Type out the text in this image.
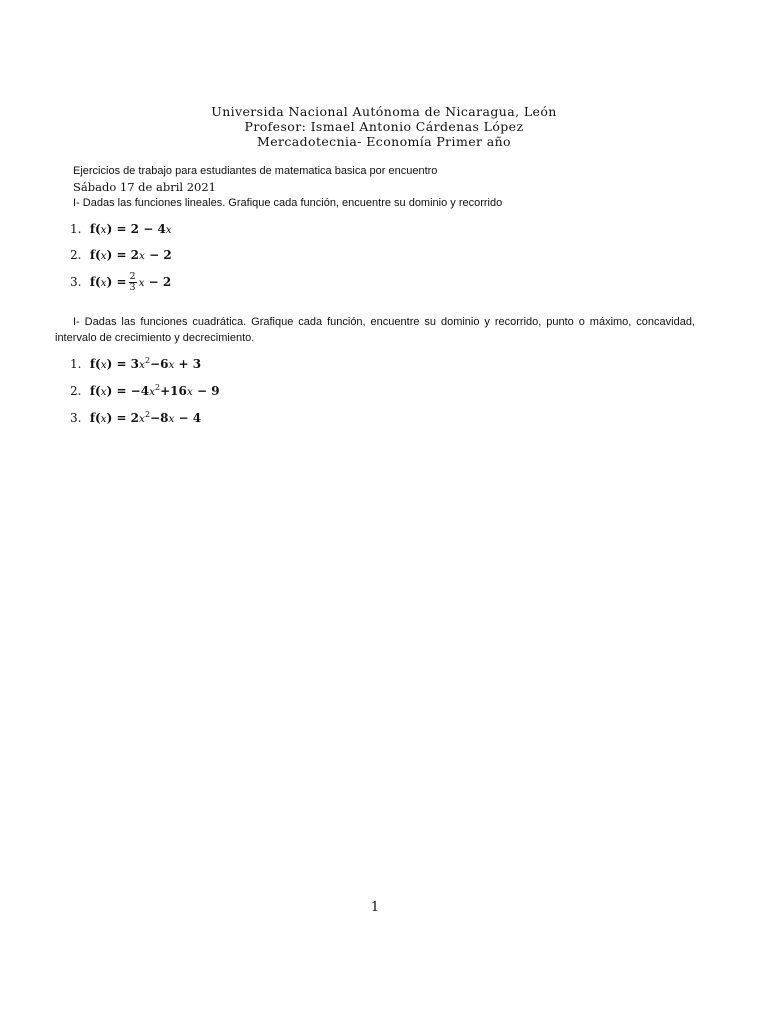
Universida Nacional Autónoma de Nicaragua, León
Profesor: Ismael Antonio Cárdenas López
Mercadotecnia- Economía Primer año
Ejercicios de trabajo para estudiantes de matematica basica por encuentro
Sábado 17 de abril 2021
I- Dadas las funciones lineales. Grafique cada función, encuentre su dominio y recorrido
1. f(x) = 2 − 4x
2. f(x) = 2x − 2
3. $f(x) = \frac{2}{3}$ x − 2
I- Dadas las funciones cuadrática. Grafique cada función, encuentre su dominio y recorrido, punto o máximo, concavidad, intervalo de crecimiento y decrecimiento.
1. $f(x) = 3x^2-6x + 3$
2. $f(x) = -4x^2+16x - 9$
3. $f(x) = 2x^2-8x - 4$
1
